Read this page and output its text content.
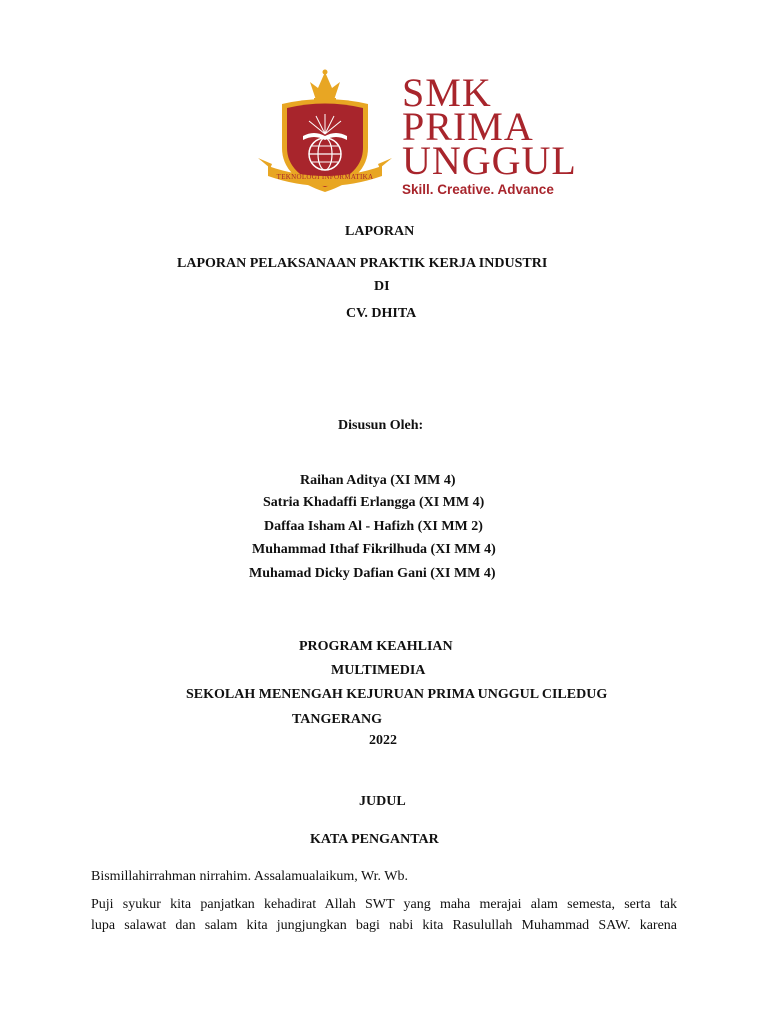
TEKNOLOGI INFORMATIKA
SMK
PRIMA
UNGGUL
Skill. Creative. Advance
LAPORAN
LAPORAN PELAKSANAAN PRAKTIK KERJA INDUSTRI
DI
CV. DHITA
Disusun Oleh:
Raihan Aditya (XI MM 4)
Satria Khadaffi Erlangga (XI MM 4)
Daffaa Isham Al - Hafizh (XI MM 2)
Muhammad Ithaf Fikrilhuda (XI MM 4)
Muhamad Dicky Dafian Gani (XI MM 4)
PROGRAM KEAHLIAN
MULTIMEDIA
SEKOLAH MENENGAH KEJURUAN PRIMA UNGGUL CILEDUG
TANGERANG
2022
JUDUL
KATA PENGANTAR
Bismillahirrahman nirrahim. Assalamualaikum, Wr. Wb.
Puji syukur kita panjatkan kehadirat Allah SWT yang maha merajai alam semesta, serta tak
lupa salawat dan salam kita jungjungkan bagi nabi kita Rasulullah Muhammad SAW. karena
